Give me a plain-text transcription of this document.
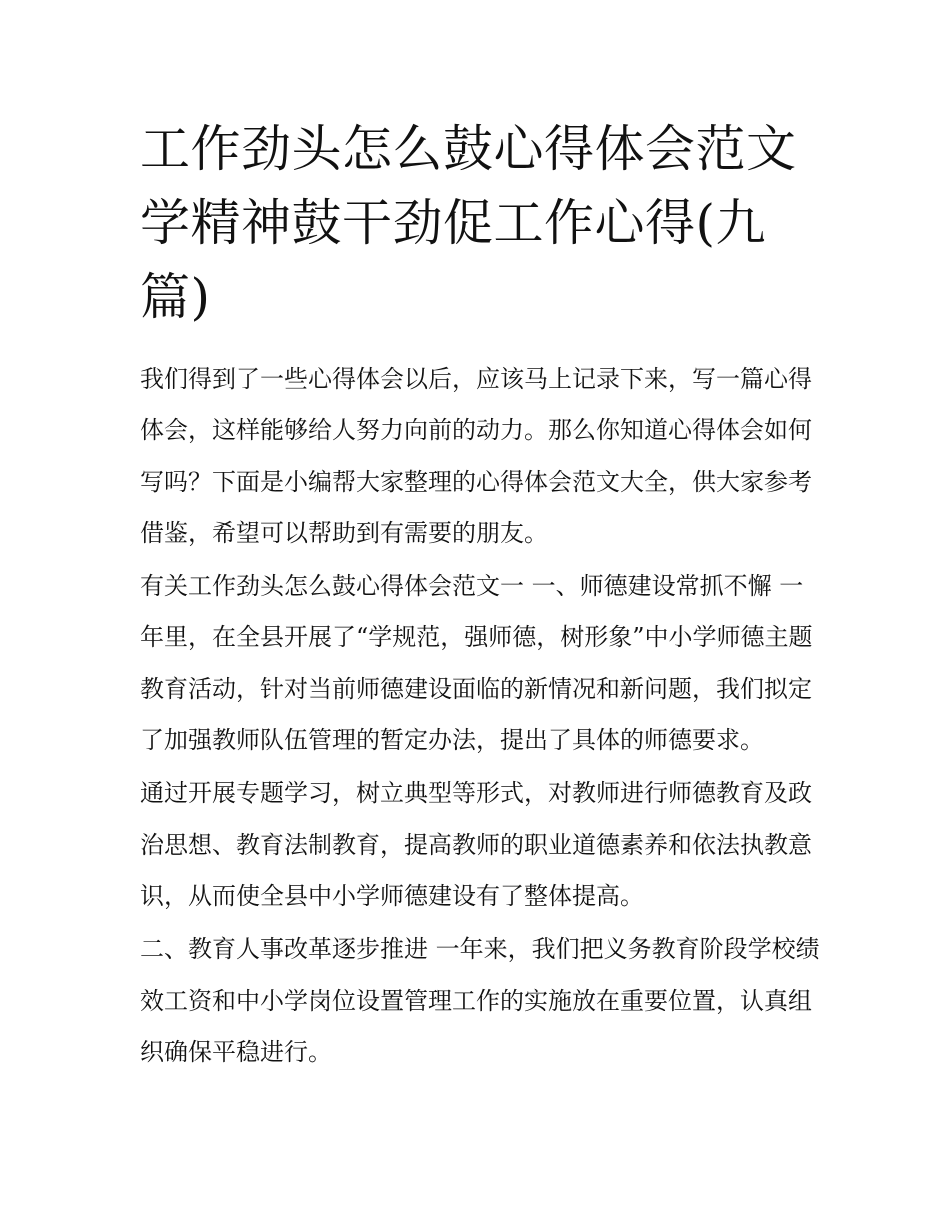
工作劲头怎么鼓心得体会范文学精神鼓干劲促工作心得(九篇)

我们得到了一些心得体会以后，应该马上记录下来，写一篇心得体会，这样能够给人努力向前的动力。那么你知道心得体会如何写吗？下面是小编帮大家整理的心得体会范文大全，供大家参考借鉴，希望可以帮助到有需要的朋友。

有关工作劲头怎么鼓心得体会范文一 一、师德建设常抓不懈 一年里，在全县开展了“学规范，强师德，树形象”中小学师德主题教育活动，针对当前师德建设面临的新情况和新问题，我们拟定了加强教师队伍管理的暂定办法，提出了具体的师德要求。

通过开展专题学习，树立典型等形式，对教师进行师德教育及政治思想、教育法制教育，提高教师的职业道德素养和依法执教意识，从而使全县中小学师德建设有了整体提高。

二、教育人事改革逐步推进 一年来，我们把义务教育阶段学校绩效工资和中小学岗位设置管理工作的实施放在重要位置，认真组织确保平稳进行。
